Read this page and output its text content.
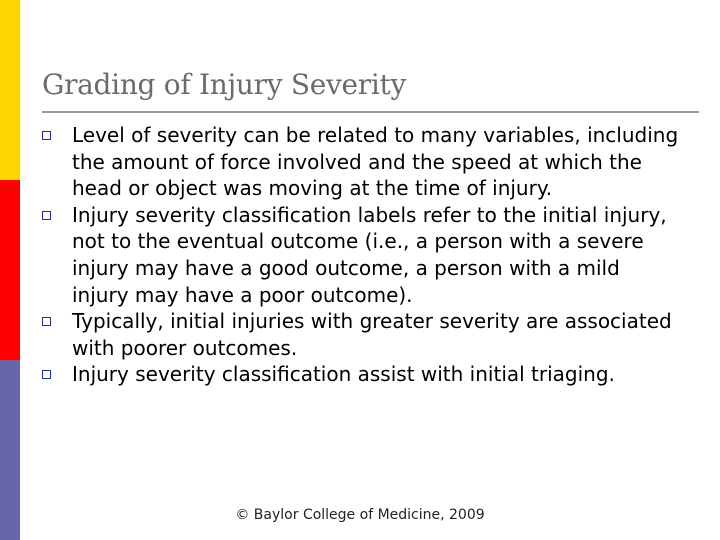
Grading of Injury Severity
Level of severity can be related to many variables, including the amount of force involved and the speed at which the head or object was moving at the time of injury.
Injury severity classification labels refer to the initial injury, not to the eventual outcome (i.e., a person with a severe injury may have a good outcome, a person with a mild injury may have a poor outcome).
Typically, initial injuries with greater severity are associated with poorer outcomes.
Injury severity classification assist with initial triaging.
© Baylor College of Medicine, 2009
